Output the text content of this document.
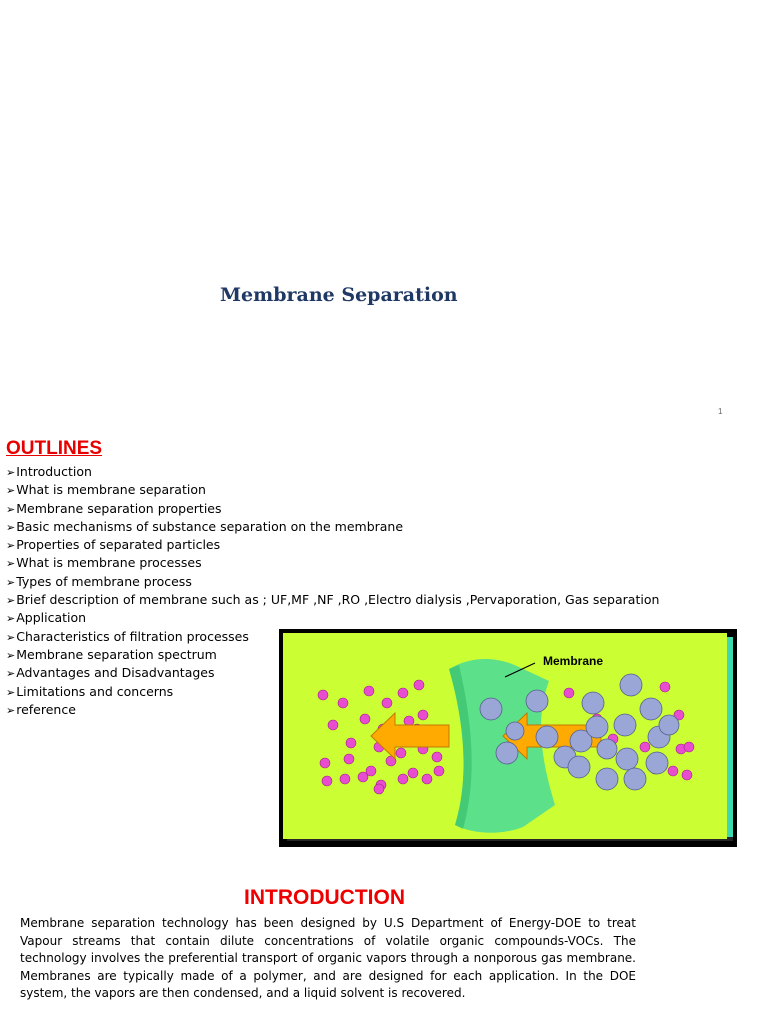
Membrane Separation
1
OUTLINES
➢Introduction
➢What is membrane separation
➢Membrane separation properties
➢Basic mechanisms of substance separation on the membrane
➢Properties of separated particles
➢What is membrane processes
➢Types of membrane process
➢Brief description of membrane such as ; UF,MF ,NF ,RO ,Electro dialysis ,Pervaporation, Gas separation
➢Application
➢Characteristics of filtration processes
➢Membrane separation spectrum
➢Advantages and Disadvantages
➢Limitations and concerns
➢reference
Membrane
INTRODUCTION

Membrane separation technology has been designed by U.S Department of Energy-DOE to treat Vapour streams that contain dilute concentrations of volatile organic compounds-VOCs. The technology involves the preferential transport of organic vapors through a nonporous gas membrane. Membranes are typically made of a polymer, and are designed for each application. In the DOE system, the vapors are then condensed, and a liquid solvent is recovered.
